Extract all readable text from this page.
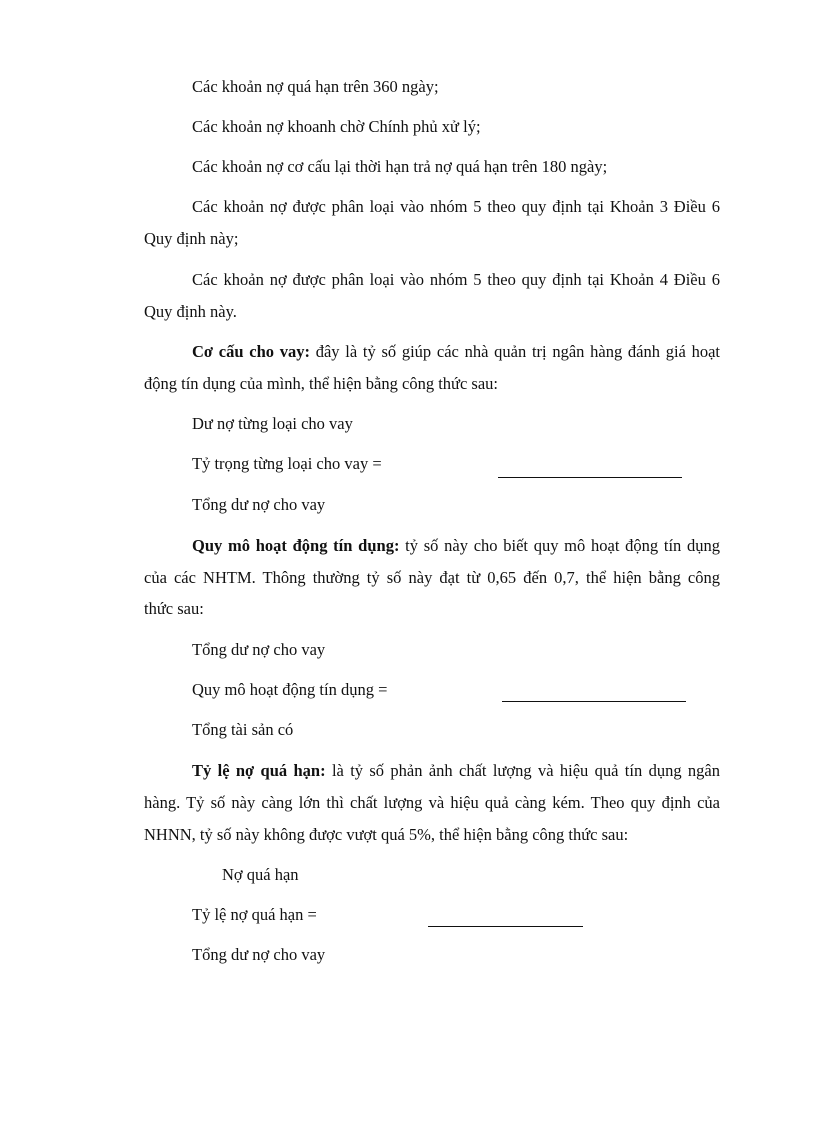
Các khoản nợ quá hạn trên 360 ngày;
Các khoản nợ khoanh chờ Chính phủ xử lý;
Các khoản nợ cơ cấu lại thời hạn trả nợ quá hạn trên 180 ngày;
Các khoản nợ được phân loại vào nhóm 5 theo quy định tại Khoản 3 Điều 6
Quy định này;
Các khoản nợ được phân loại vào nhóm 5 theo quy định tại Khoản 4 Điều 6
Quy định này.
Cơ cấu cho vay: đây là tỷ số giúp các nhà quản trị ngân hàng đánh giá hoạt
động tín dụng của mình, thể hiện bằng công thức sau:
Dư nợ từng loại cho vay
Tỷ trọng từng loại cho vay =
Tổng dư nợ cho vay
Quy mô hoạt động tín dụng: tỷ số này cho biết quy mô hoạt động tín dụng
của các NHTM. Thông thường tỷ số này đạt từ 0,65 đến 0,7, thể hiện bằng công
thức sau:
Tổng dư nợ cho vay
Quy mô hoạt động tín dụng =
Tổng tài sản có
Tỷ lệ nợ quá hạn: là tỷ số phản ảnh chất lượng và hiệu quả tín dụng ngân
hàng. Tỷ số này càng lớn thì chất lượng và hiệu quả càng kém. Theo quy định của
NHNN, tỷ số này không được vượt quá 5%, thể hiện bằng công thức sau:
Nợ quá hạn
Tỷ lệ nợ quá hạn =
Tổng dư nợ cho vay
